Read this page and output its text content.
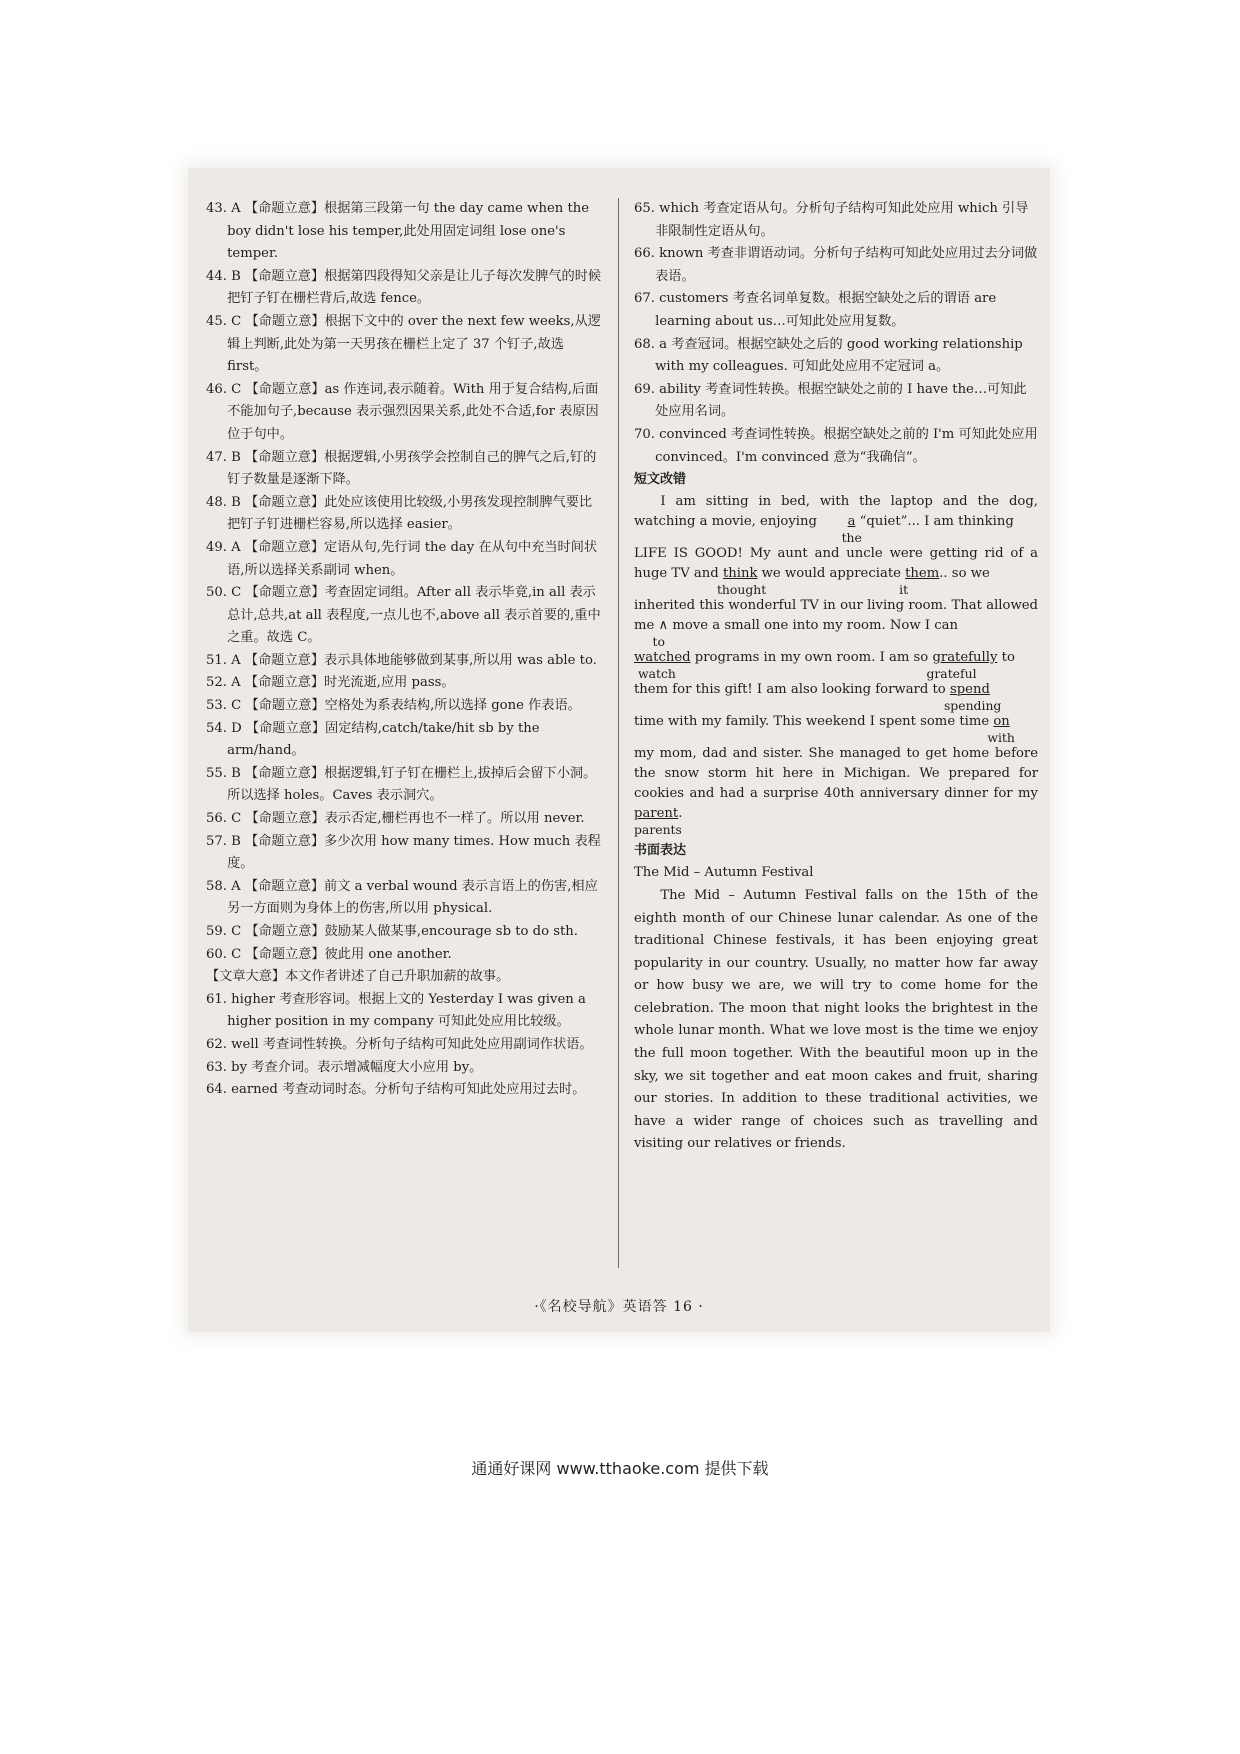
43. A 【命题立意】根据第三段第一句 the day came when the boy didn't lose his temper,此处用固定词组 lose one's temper.

44. B 【命题立意】根据第四段得知父亲是让儿子每次发脾气的时候把钉子钉在栅栏背后,故选 fence。

45. C 【命题立意】根据下文中的 over the next few weeks,从逻辑上判断,此处为第一天男孩在栅栏上定了 37 个钉子,故选 first。

46. C 【命题立意】as 作连词,表示随着。With 用于复合结构,后面不能加句子,because 表示强烈因果关系,此处不合适,for 表原因位于句中。

47. B 【命题立意】根据逻辑,小男孩学会控制自己的脾气之后,钉的钉子数量是逐渐下降。

48. B 【命题立意】此处应该使用比较级,小男孩发现控制脾气要比把钉子钉进栅栏容易,所以选择 easier。

49. A 【命题立意】定语从句,先行词 the day 在从句中充当时间状语,所以选择关系副词 when。

50. C 【命题立意】考查固定词组。After all 表示毕竟,in all 表示总计,总共,at all 表程度,一点儿也不,above all 表示首要的,重中之重。故选 C。

51. A 【命题立意】表示具体地能够做到某事,所以用 was able to.

52. A 【命题立意】时光流逝,应用 pass。

53. C 【命题立意】空格处为系表结构,所以选择 gone 作表语。

54. D 【命题立意】固定结构,catch/take/hit sb by the arm/hand。

55. B 【命题立意】根据逻辑,钉子钉在栅栏上,拔掉后会留下小洞。所以选择 holes。Caves 表示洞穴。

56. C 【命题立意】表示否定,栅栏再也不一样了。所以用 never.

57. B 【命题立意】多少次用 how many times. How much 表程度。

58. A 【命题立意】前文 a verbal wound 表示言语上的伤害,相应另一方面则为身体上的伤害,所以用 physical.

59. C 【命题立意】鼓励某人做某事,encourage sb to do sth.

60. C 【命题立意】彼此用 one another.

【文章大意】本文作者讲述了自己升职加薪的故事。

61. higher 考查形容词。根据上文的 Yesterday I was given a higher position in my company 可知此处应用比较级。

62. well 考查词性转换。分析句子结构可知此处应用副词作状语。

63. by 考查介词。表示增减幅度大小应用 by。

64. earned 考查动词时态。分析句子结构可知此处应用过去时。

65. which 考查定语从句。分析句子结构可知此处应用 which 引导非限制性定语从句。

66. known 考查非谓语动词。分析句子结构可知此处应用过去分词做表语。

67. customers 考查名词单复数。根据空缺处之后的谓语 are learning about us…可知此处应用复数。

68. a 考查冠词。根据空缺处之后的 good working relationship with my colleagues. 可知此处应用不定冠词 a。

69. ability 考查词性转换。根据空缺处之前的 I have the…可知此处应用名词。

70. convinced 考查词性转换。根据空缺处之前的 I'm 可知此处应用 convinced。I'm convinced 意为“我确信”。

短文改错

I am sitting in bed, with the laptop and the dog, watching a movie, enjoying a
the
“quiet”... I am thinking

LIFE IS GOOD! My aunt and uncle were getting rid of a huge TV and think
thought
we would appreciate them
it
.. so we

inherited this wonderful TV in our living room. That allowed me ∧
to
move a small one into my room. Now I can

watched
watch
programs in my own room. I am so gratefully
grateful
to

them for this gift! I am also looking forward to spend
spending

time with my family. This weekend I spent some time on
with

my mom, dad and sister. She managed to get home before the snow storm hit here in Michigan. We prepared for cookies and had a surprise 40th anniversary dinner for my parent
parents
.

书面表达

The Mid – Autumn Festival

The Mid – Autumn Festival falls on the 15th of the eighth month of our Chinese lunar calendar. As one of the traditional Chinese festivals, it has been enjoying great popularity in our country. Usually, no matter how far away or how busy we are, we will try to come home for the celebration. The moon that night looks the brightest in the whole lunar month. What we love most is the time we enjoy the full moon together. With the beautiful moon up in the sky, we sit together and eat moon cakes and fruit, sharing our stories. In addition to these traditional activities, we have a wider range of choices such as travelling and visiting our relatives or friends.

·《名校导航》英语答 16 ·
通通好课网 www.tthaoke.com 提供下载
